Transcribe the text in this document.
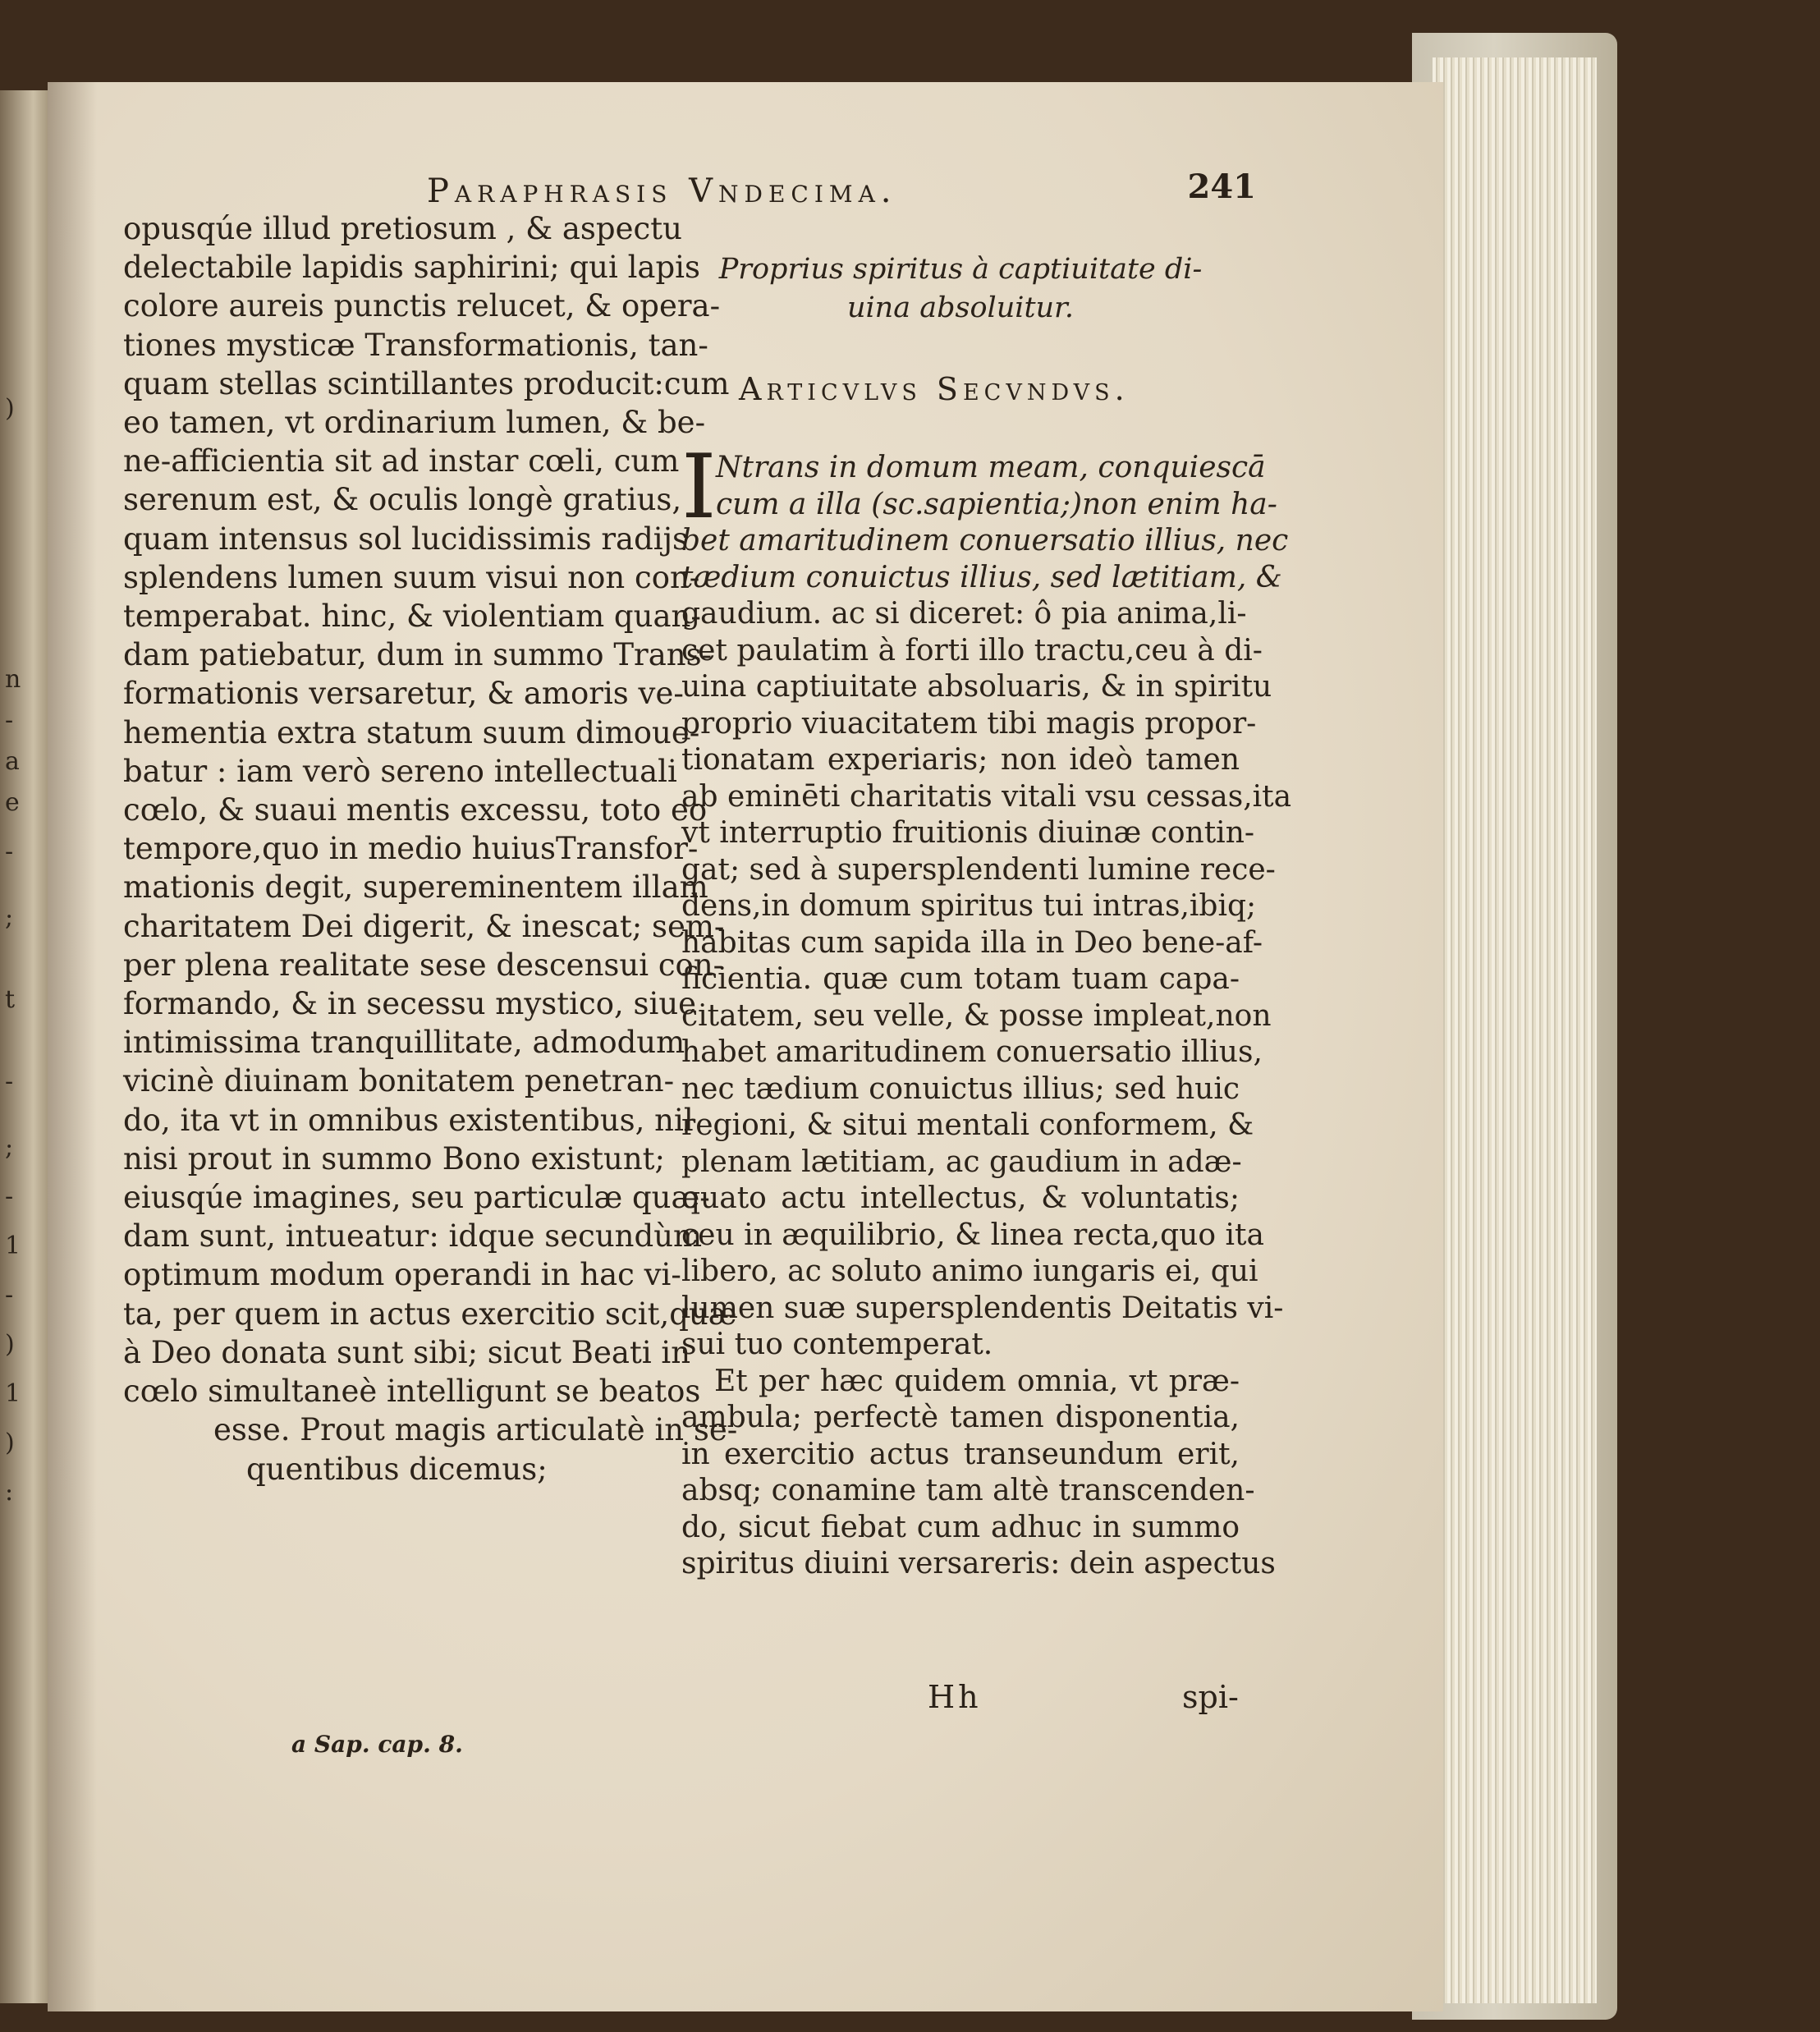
)
n
-
a
e
-
;
t
-
;
-
1
-
)
1
)
:
Paraphrasis Vndecima.	241
opusqúe illud pretiosum , & aspectu
delectabile lapidis saphirini; qui lapis
colore aureis punctis relucet, & opera-
tiones mysticæ Transformationis, tan-
quam stellas scintillantes producit:cum
eo tamen, vt ordinarium lumen, & be-
ne-afficientia sit ad instar cœli, cum
serenum est, & oculis longè gratius,
quam intensus sol lucidissimis radijs
splendens lumen suum visui non con-
temperabat. hinc, & violentiam quan-
dam patiebatur, dum in summo Trans-
formationis versaretur, & amoris ve-
hementia extra statum suum dimoue-
batur : iam verò sereno intellectuali
cœlo, & suaui mentis excessu, toto eo
tempore,quo in medio huiusTransfor-
mationis degit, supereminentem illam
charitatem Dei digerit, & inescat; sem-
per plena realitate sese descensui con-
formando, & in secessu mystico, siue
intimissima tranquillitate, admodum
vicinè diuinam bonitatem penetran-
do, ita vt in omnibus existentibus, nil
nisi prout in summo Bono existunt;
eiusqúe imagines, seu particulæ quæ-
dam sunt, intueatur: idque secundùm
optimum modum operandi in hac vi-
ta, per quem in actus exercitio scit,quæ
à Deo donata sunt sibi; sicut Beati in
cœlo simultaneè intelligunt se beatos
esse. Prout magis articulatè in se-
quentibus dicemus;
Proprius spiritus à captiuitate di-
uina absoluitur.
Articvlvs Secvndvs.
I Ntrans in domum meam, conquiescā
cum a illa (sc.sapientia;)non enim ha-
bet amaritudinem conuersatio illius, nec
tædium conuictus illius, sed lætitiam, &
gaudium. ac si diceret: ô pia anima,li-
cet paulatim à forti illo tractu,ceu à di-
uina captiuitate absoluaris, & in spiritu
proprio viuacitatem tibi magis propor-
tionatam experiaris; non ideò tamen
ab eminēti charitatis vitali vsu cessas,ita
vt interruptio fruitionis diuinæ contin-
gat; sed à supersplendenti lumine rece-
dens,in domum spiritus tui intras,ibiq;
habitas cum sapida illa in Deo bene-af-
ficientia. quæ cum totam tuam capa-
citatem, seu velle, & posse impleat,non
habet amaritudinem conuersatio illius,
nec tædium conuictus illius; sed huic
regioni, & situi mentali conformem, &
plenam lætitiam, ac gaudium in adæ-
quato actu intellectus, & voluntatis;
ceu in æquilibrio, & linea recta,quo ita
libero, ac soluto animo iungaris ei, qui
lumen suæ supersplendentis Deitatis vi-
sui tuo contemperat.
Et per hæc quidem omnia, vt præ-
ambula; perfectè tamen disponentia,
in exercitio actus transeundum erit,
absq; conamine tam altè transcenden-
do, sicut fiebat cum adhuc in summo
spiritus diuini versareris: dein aspectus
Hh	spi-
a Sap. cap. 8.
